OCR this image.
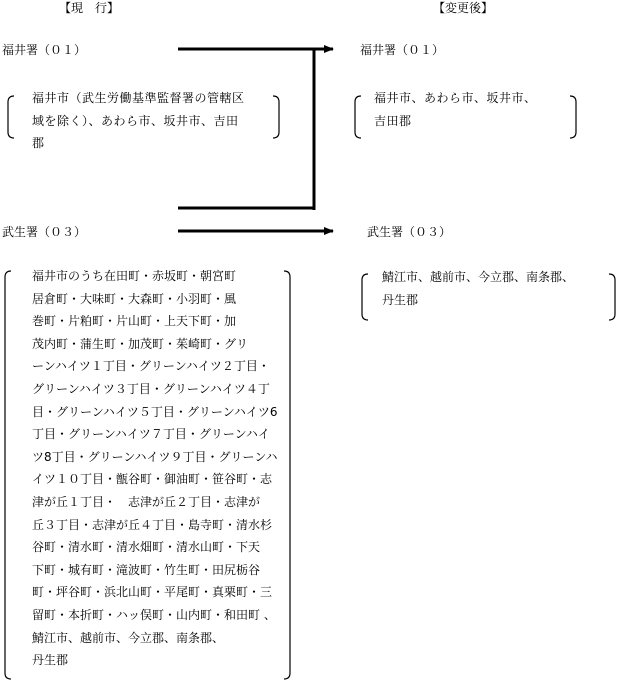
【現　行】	【変更後】
福井署（０１）
福井市（武生労働基準監督署の管轄区
域を除く）、あわら市、坂井市、吉田
郡
福井署（０１）
福井市、あわら市、坂井市、
吉田郡
武生署（０３）
福井市のうち在田町・赤坂町・朝宮町
居倉町・大味町・大森町・小羽町・風
巻町・片粕町・片山町・上天下町・加
茂内町・蒲生町・加茂町・茱崎町・グリ
ーンハイツ１丁目・グリーンハイツ２丁目・
グリーンハイツ３丁目・グリーンハイツ４丁
目・グリーンハイツ５丁目・グリーンハイツ6
丁目・グリーンハイツ７丁目・グリーンハイ
ツ8丁目・グリーンハイツ９丁目・グリーンハ
イツ１０丁目・甑谷町・御油町・笹谷町・志
津が丘１丁目・　志津が丘２丁目・志津が
丘３丁目・志津が丘４丁目・島寺町・清水杉
谷町・清水町・清水畑町・清水山町・下天
下町・城有町・滝波町・竹生町・田尻栃谷
町・坪谷町・浜北山町・平尾町・真栗町・三
留町・本折町・ハッ俣町・山内町・和田町 、
鯖江市、越前市、今立郡、南条郡、
丹生郡
武生署（０３）
鯖江市、越前市、今立郡、南条郡、
丹生郡
